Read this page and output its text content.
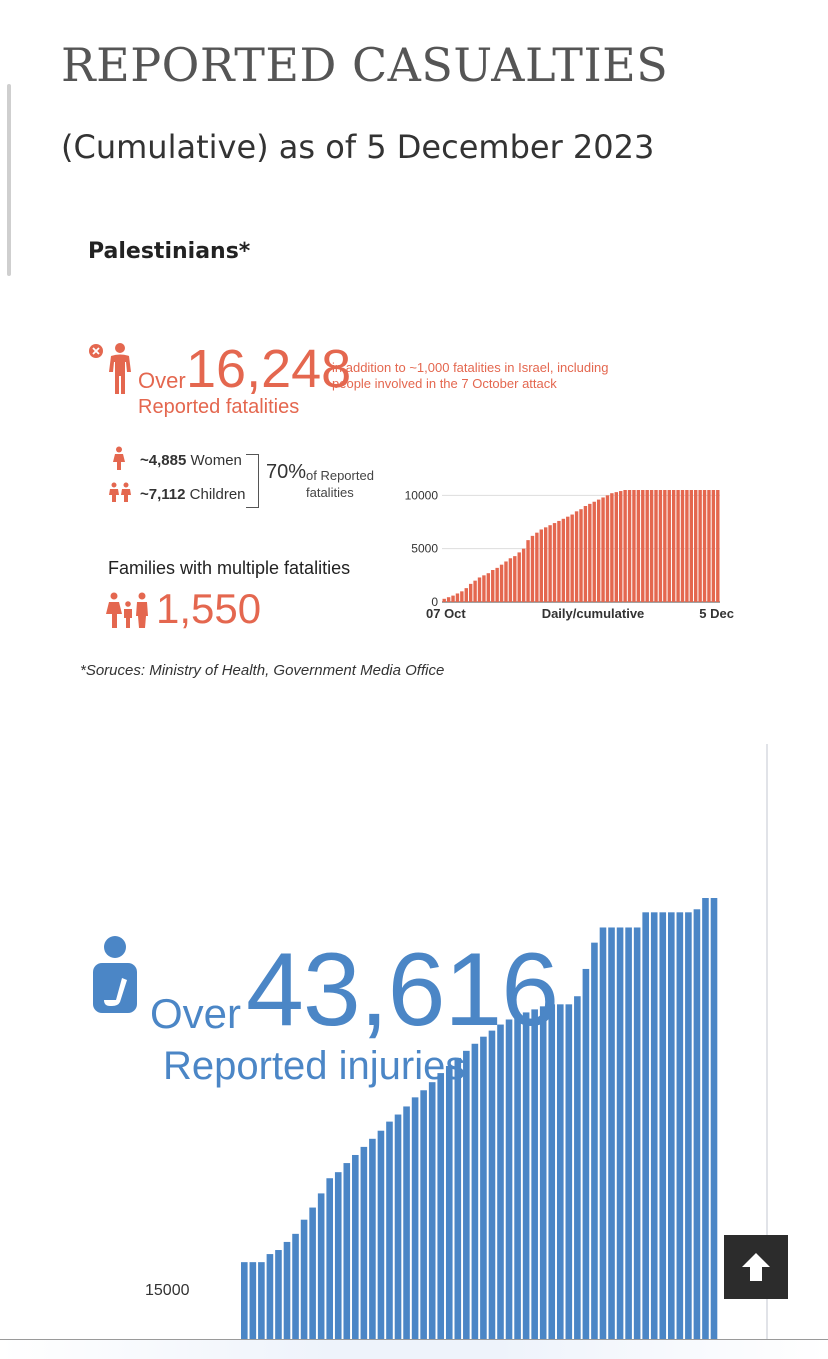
REPORTED CASUALTIES
(Cumulative) as of 5 December 2023
Palestinians*
Over 16,248
in addition to ~1,000 fatalities in Israel, including people involved in the 7 October attack
Reported fatalities
~4,885 Women
~7,112 Children
70% of Reported fatalities
Families with multiple fatalities
1,550	0
5000
10000
07 Oct	5 Dec
Daily/cumulative
*Soruces: Ministry of Health, Government Media Office
Over 43,616
Reported injuries
15000
